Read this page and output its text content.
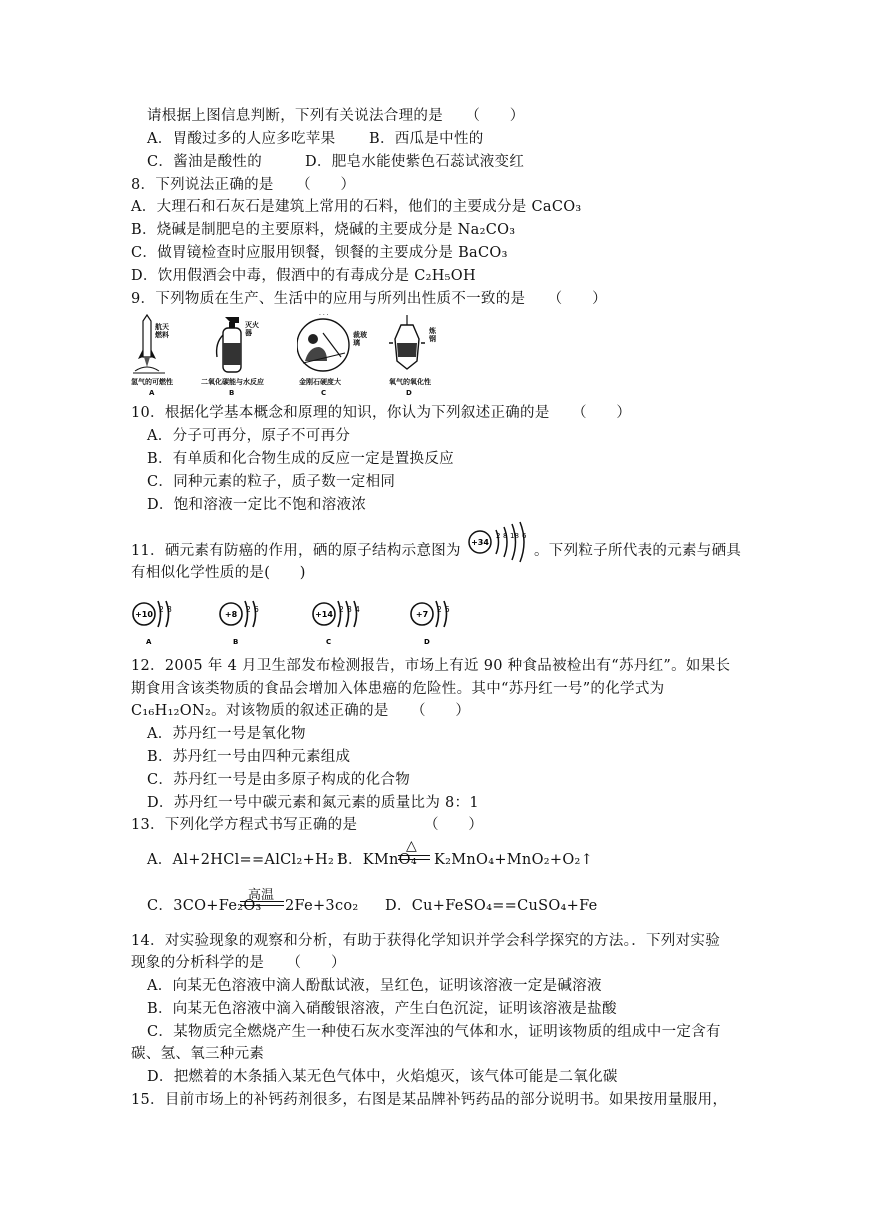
请根据上图信息判断，下列有关说法合理的是　　（　　）
A．胃酸过多的人应多吃苹果 B．西瓜是中性的
C．酱油是酸性的	D．肥皂水能使紫色石蕊试液变红
8．下列说法正确的是　　（　　）
A．大理石和石灰石是建筑上常用的石料，他们的主要成分是 CaCO₃
B．烧碱是制肥皂的主要原料，烧碱的主要成分是 Na₂CO₃
C．做胃镜检查时应服用钡餐，钡餐的主要成分是 BaCO₃
D．饮用假酒会中毒，假酒中的有毒成分是 C₂H₅OH
9．下列物质在生产、生活中的应用与所列出性质不一致的是　　（　　）
航天燃料
氢气的可燃性
A
灭火器
二氧化碳能与水反应
B
· · ·
裁玻璃
金刚石硬度大
C
炼钢
氧气的氧化性
D
10．根据化学基本概念和原理的知识，你认为下列叙述正确的是　　（　　）
A．分子可再分，原子不可再分
B．有单质和化合物生成的反应一定是置换反应
C．同种元素的粒子，质子数一定相同
D．饱和溶液一定比不饱和溶液浓
11．硒元素有防癌的作用，硒的原子结构示意图为
+34
2 8 18 6
。下列粒子所代表的元素与硒具
有相似化学性质的是(　　)
+10
2 8
A
+8
2 6
B
+14
2 8 4
C
+7
2 5
D
12．2005 年 4 月卫生部发布检测报告，市场上有近 90 种食品被检出有“苏丹红”。如果长
期食用含该类物质的食品会增加入体患癌的危险性。其中“苏丹红一号”的化学式为
C₁₆H₁₂ON₂。对该物质的叙述正确的是　　（　　）
A．苏丹红一号是氧化物
B．苏丹红一号由四种元素组成
C．苏丹红一号是由多原子构成的化合物
D．苏丹红一号中碳元素和氮元素的质量比为 8：1
13．下列化学方程式书写正确的是　　　　　（　　）
A．Al+2HCl==AlCl₂+H₂↑
B．KMnO₄
△
K₂MnO₄+MnO₂+O₂↑
C．3CO+Fe₂O₃
高温
2Fe+3co₂ D．Cu+FeSO₄==CuSO₄+Fe
14．对实验现象的观察和分析，有助于获得化学知识并学会科学探究的方法。．下列对实验
现象的分析科学的是　　（　　）
A．向某无色溶液中滴人酚酞试液，呈红色，证明该溶液一定是碱溶液
B．向某无色溶液中滴入硝酸银溶液，产生白色沉淀，证明该溶液是盐酸
C．某物质完全燃烧产生一种使石灰水变浑浊的气体和水，证明该物质的组成中一定含有
碳、氢、氧三种元素
D．把燃着的木条插入某无色气体中，火焰熄灭，该气体可能是二氧化碳
15．目前市场上的补钙药剂很多，右图是某品牌补钙药品的部分说明书。如果按用量服用，
